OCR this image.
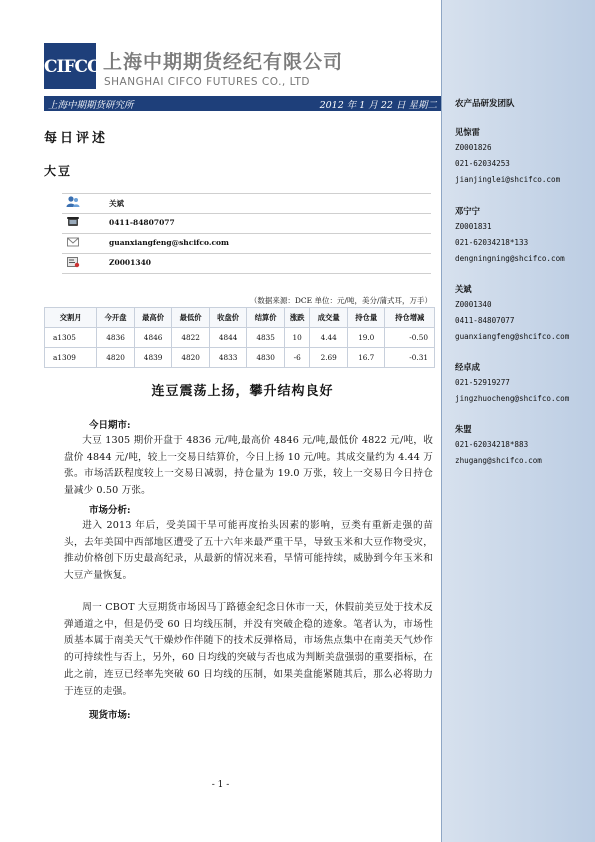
CIFCO 上海中期期货经纪有限公司
SHANGHAI CIFCO FUTURES CO., LTD
上海中期期货研究所	2012 年 1 月 22 日 星期二
每日评述
大豆
关斌
0411-84807077
guanxiangfeng@shcifco.com
Z0001340
（数据来源：DCE 单位：元/吨，美分/蒲式耳，万手）
交割月	今开盘	最高价	最低价	收盘价	结算价	涨跌	成交量	持仓量	持仓增减
a1305	4836	4846	4822	4844	4835	10	4.44	19.0	-0.50
a1309	4820	4839	4820	4833	4830	-6	2.69	16.7	-0.31
连豆震荡上扬，攀升结构良好
今日期市:
大豆 1305 期价开盘于 4836 元/吨,最高价 4846 元/吨,最低价 4822 元/吨，收盘价 4844 元/吨，较上一交易日结算价，今日上扬 10 元/吨。其成交量约为 4.44 万张。市场活跃程度较上一交易日减弱，持仓量为 19.0 万张，较上一交易日今日持仓量减少 0.50 万张。
市场分析:
进入 2013 年后，受美国干旱可能再度抬头因素的影响，豆类有重新走强的苗头，去年美国中西部地区遭受了五十六年来最严重干旱，导致玉米和大豆作物受灾，推动价格创下历史最高纪录，从最新的情况来看，旱情可能持续，威胁到今年玉米和大豆产量恢复。
周一 CBOT 大豆期货市场因马丁路德金纪念日休市一天，休假前美豆处于技术反弹通道之中，但是仍受 60 日均线压制，并没有突破企稳的迹象。笔者认为，市场性质基本属于南美天气干燥炒作伴随下的技术反弹格局，市场焦点集中在南美天气炒作的可持续性与否上，另外，60 日均线的突破与否也成为判断美盘强弱的重要指标，在此之前，连豆已经率先突破 60 日均线的压制，如果美盘能紧随其后，那么必将助力于连豆的走强。
现货市场:
- 1 -
农产品研发团队
见惊雷
Z0001826
021-62034253
jianjinglei@shcifco.com
邓宁宁
Z0001831
021-62034218*133
dengningning@shcifco.com
关斌
Z0001340
0411-84807077
guanxiangfeng@shcifco.com
经卓成
021-52919277
jingzhuocheng@shcifco.com
朱盟
021-62034218*883
zhugang@shcifco.com
